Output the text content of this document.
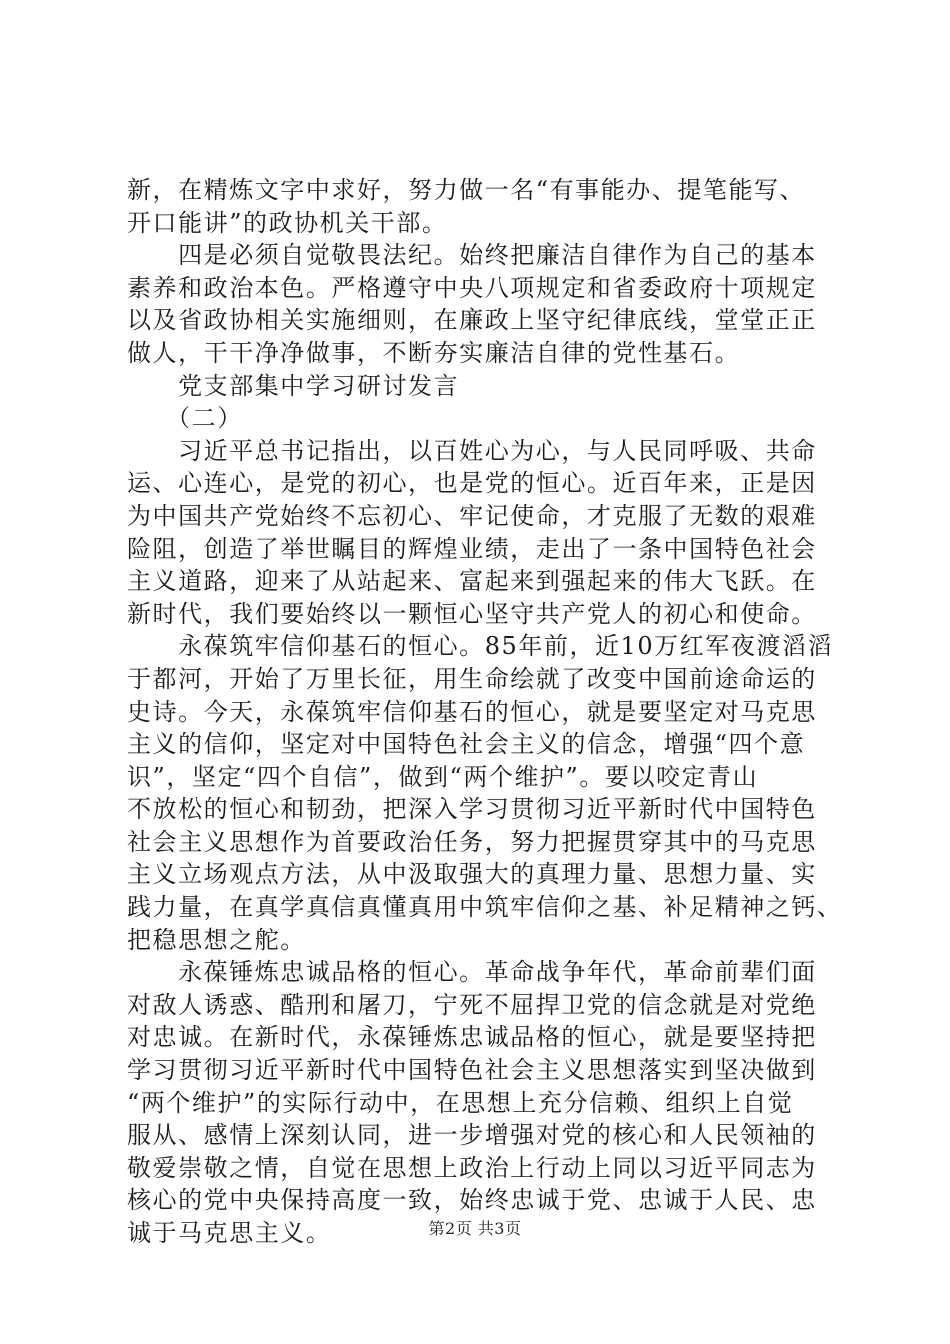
新，在精炼文字中求好，努力做一名“有事能办、提笔能写、
开口能讲”的政协机关干部。
　　四是必须自觉敬畏法纪。始终把廉洁自律作为自己的基本
素养和政治本色。严格遵守中央八项规定和省委政府十项规定
以及省政协相关实施细则，在廉政上坚守纪律底线，堂堂正正
做人，干干净净做事，不断夯实廉洁自律的党性基石。
　　党支部集中学习研讨发言
　　（二）
　　习近平总书记指出，以百姓心为心，与人民同呼吸、共命
运、心连心，是党的初心，也是党的恒心。近百年来，正是因
为中国共产党始终不忘初心、牢记使命，才克服了无数的艰难
险阻，创造了举世瞩目的辉煌业绩，走出了一条中国特色社会
主义道路，迎来了从站起来、富起来到强起来的伟大飞跃。在
新时代，我们要始终以一颗恒心坚守共产党人的初心和使命。
　　永葆筑牢信仰基石的恒心。85年前，近10万红军夜渡滔滔
于都河，开始了万里长征，用生命绘就了改变中国前途命运的
史诗。今天，永葆筑牢信仰基石的恒心，就是要坚定对马克思
主义的信仰，坚定对中国特色社会主义的信念，增强“四个意
识”，坚定“四个自信”，做到“两个维护”。要以咬定青山
不放松的恒心和韧劲，把深入学习贯彻习近平新时代中国特色
社会主义思想作为首要政治任务，努力把握贯穿其中的马克思
主义立场观点方法，从中汲取强大的真理力量、思想力量、实
践力量，在真学真信真懂真用中筑牢信仰之基、补足精神之钙、
把稳思想之舵。
　　永葆锤炼忠诚品格的恒心。革命战争年代，革命前辈们面
对敌人诱惑、酷刑和屠刀，宁死不屈捍卫党的信念就是对党绝
对忠诚。在新时代，永葆锤炼忠诚品格的恒心，就是要坚持把
学习贯彻习近平新时代中国特色社会主义思想落实到坚决做到
“两个维护”的实际行动中，在思想上充分信赖、组织上自觉
服从、感情上深刻认同，进一步增强对党的核心和人民领袖的
敬爱崇敬之情，自觉在思想上政治上行动上同以习近平同志为
核心的党中央保持高度一致，始终忠诚于党、忠诚于人民、忠
诚于马克思主义。	第2页 共3页
